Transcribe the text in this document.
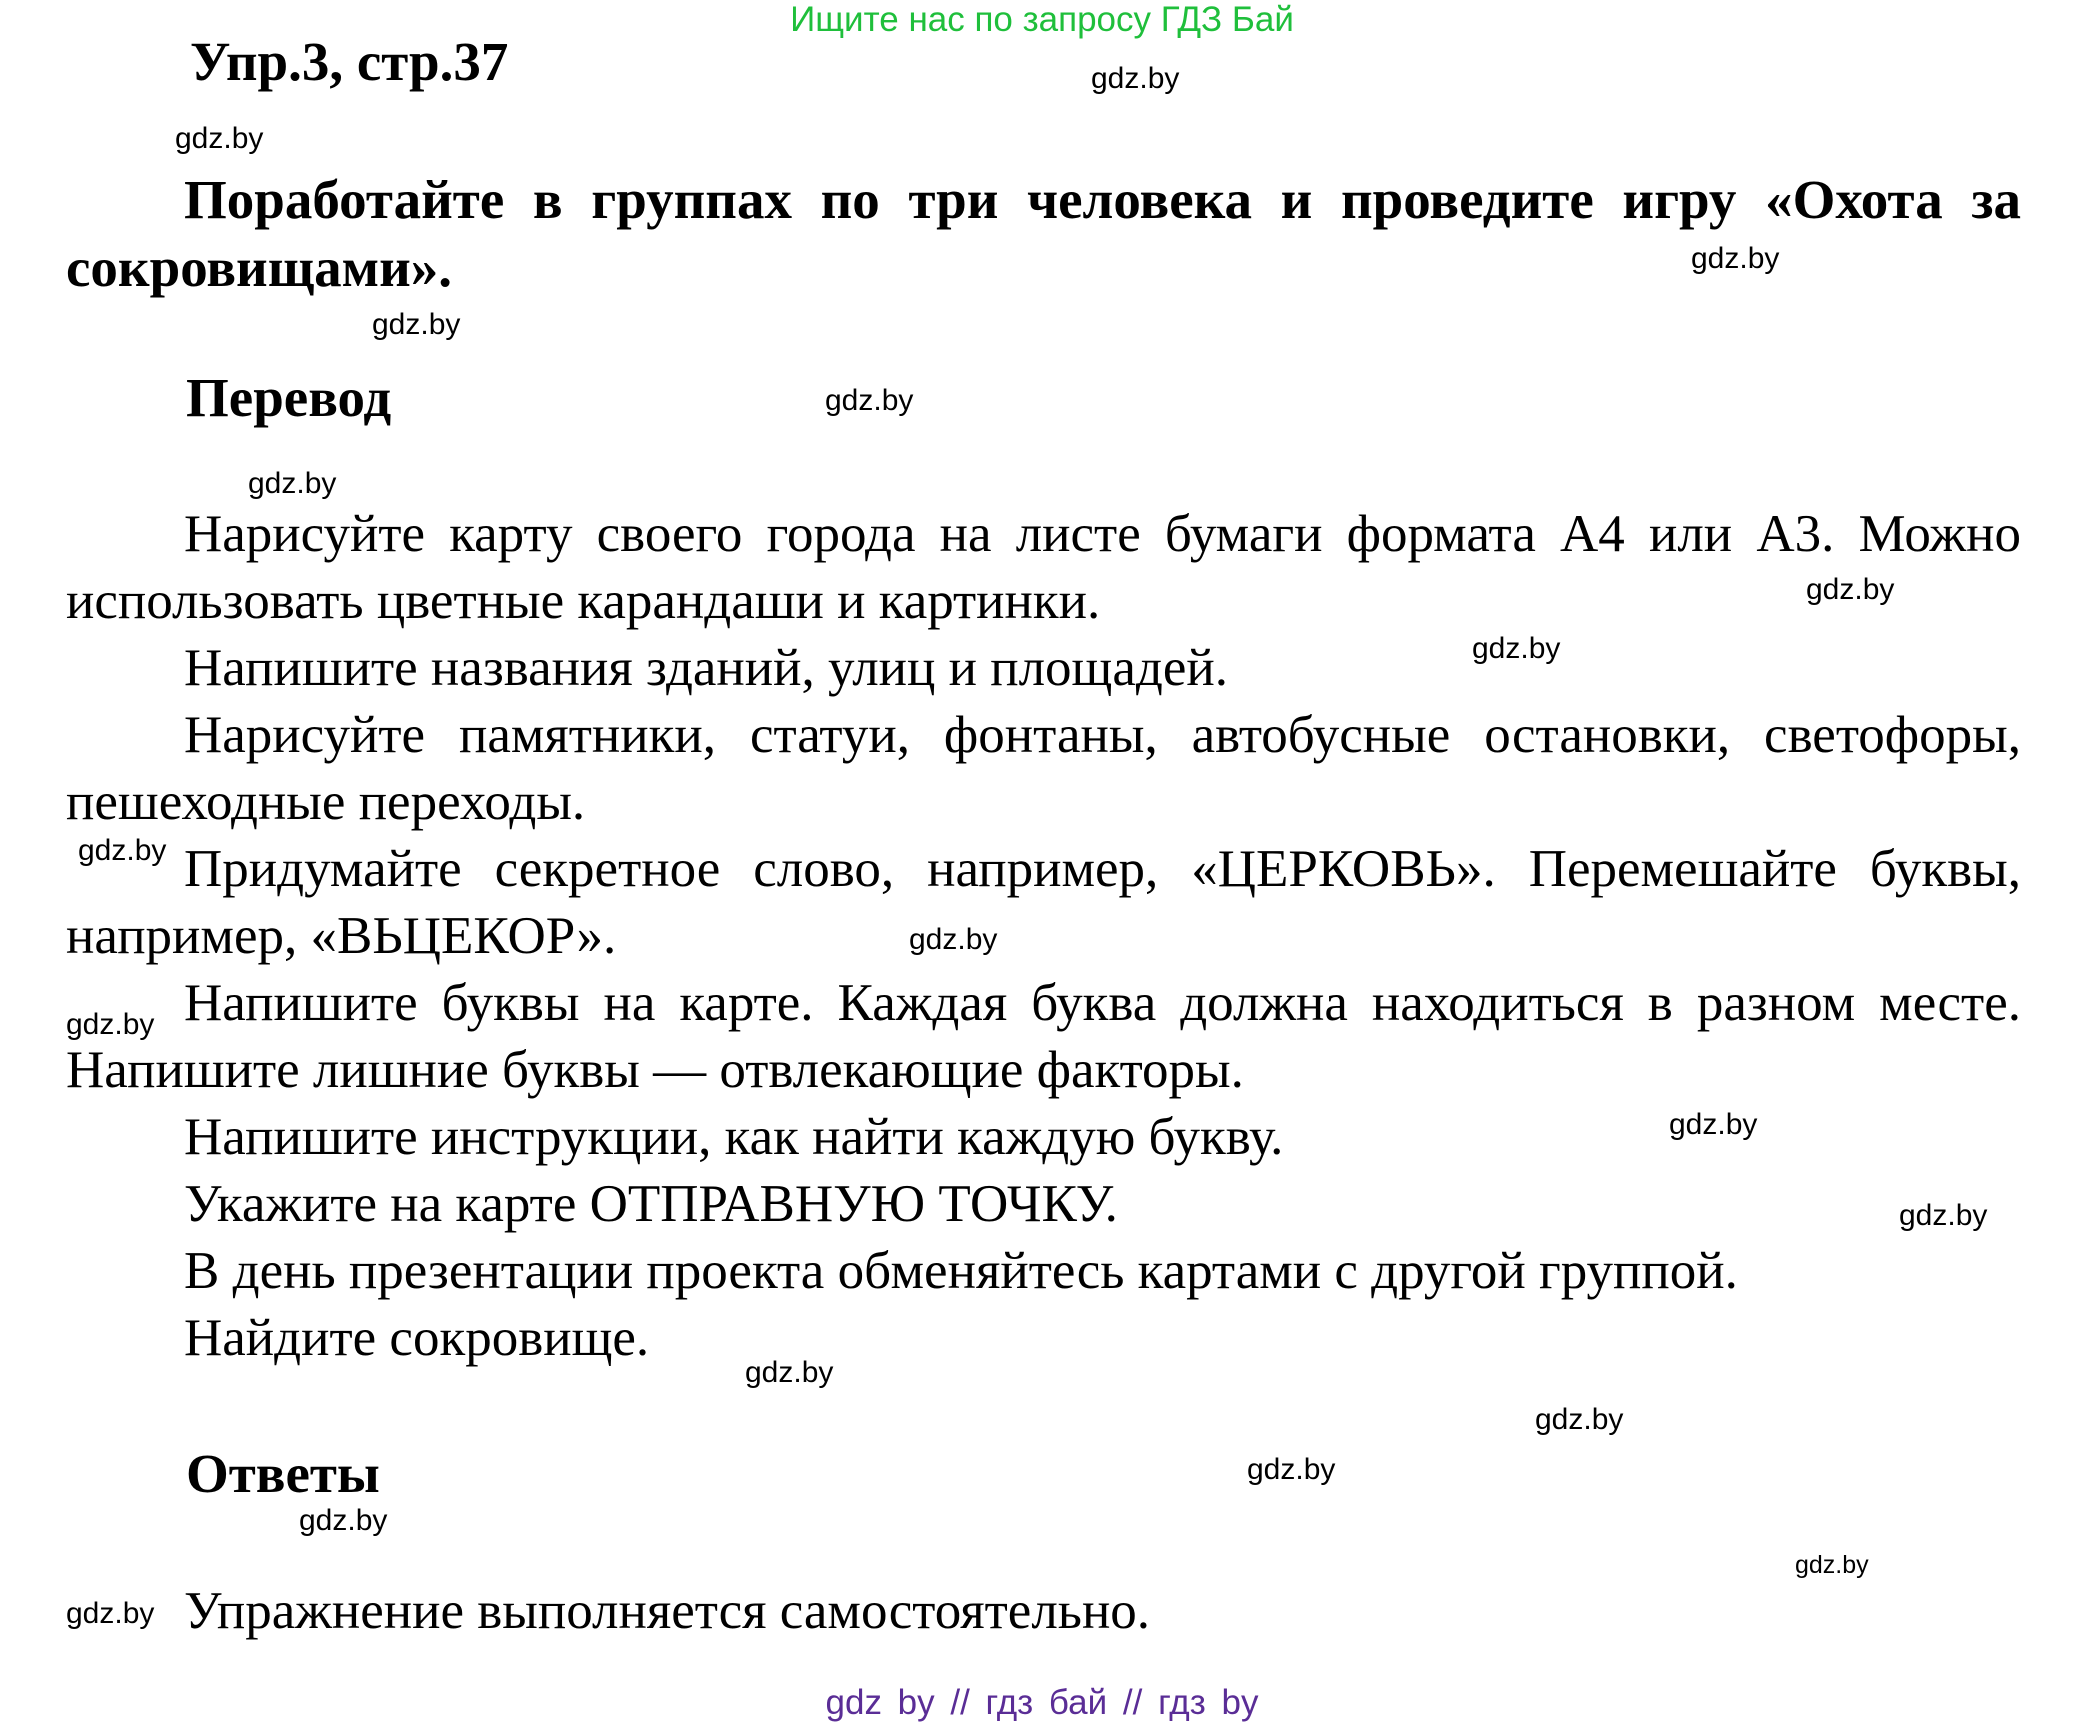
Ищите нас по запросу ГДЗ Бай
Упр.3, стр.37
Поработайте в группах по три человека и проведите игру «Охота за сокровищами».
Перевод
Нарисуйте карту своего города на листе бумаги формата А4 или А3. Можно использовать цветные карандаши и картинки.
Напишите названия зданий, улиц и площадей.
Нарисуйте памятники, статуи, фонтаны, автобусные остановки, светофоры, пешеходные переходы.
Придумайте секретное слово, например, «ЦЕРКОВЬ». Перемешайте буквы, например, «ВЬЦЕКОР».
Напишите буквы на карте. Каждая буква должна находиться в разном месте. Напишите лишние буквы — отвлекающие факторы.
Напишите инструкции, как найти каждую букву.
Укажите на карте ОТПРАВНУЮ ТОЧКУ.
В день презентации проекта обменяйтесь картами с другой группой.
Найдите сокровище.
Ответы
Упражнение выполняется самостоятельно.
gdz.by
gdz.by
gdz.by
gdz.by
gdz.by
gdz.by
gdz.by
gdz.by
gdz.by
gdz.by
gdz.by
gdz.by
gdz.by
gdz.by
gdz.by
gdz.by
gdz.by
gdz.by
gdz.by
gdz by // гдз бай // гдз by
